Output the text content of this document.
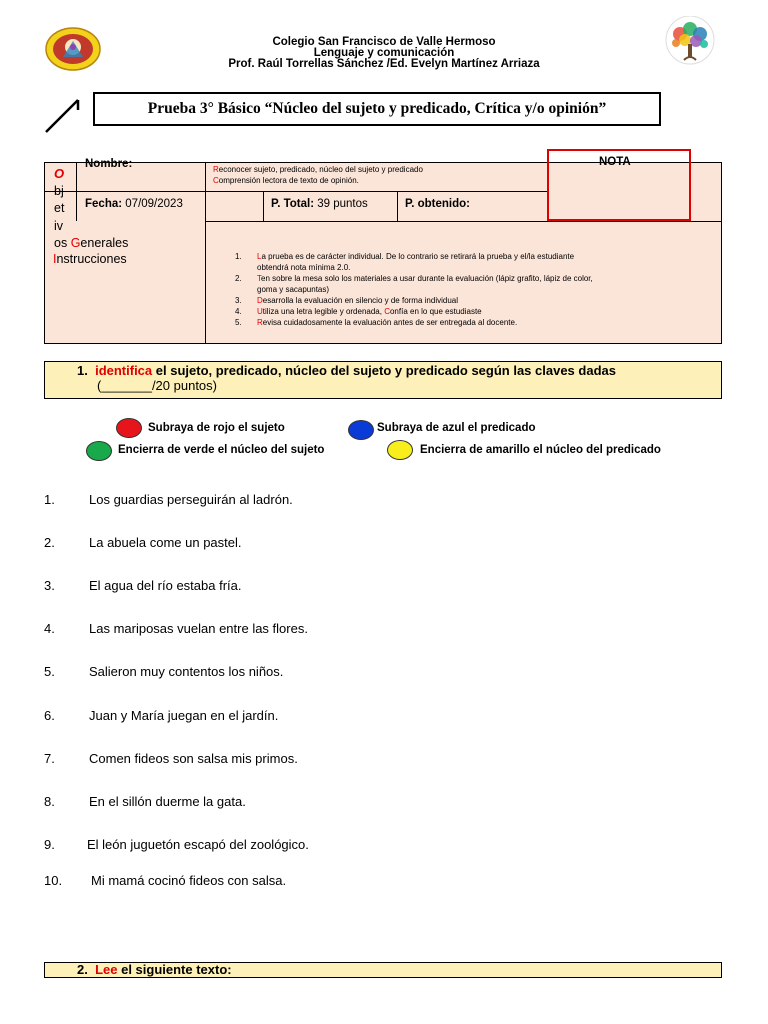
Colegio San Francisco de Valle Hermoso
Lenguaje y comunicación
Prof. Raúl Torrellas Sánchez /Ed. Evelyn Martínez Arriaza
Prueba 3° Básico “Núcleo del sujeto y predicado, Crítica y/o opinión”
O
bj
et
iv
os Generales
Nombre:	Reconocer sujeto, predicado, núcleo del sujeto y predicado
Comprensión lectora de texto de opinión.
Fecha: 07/09/2023	P. Total: 39 puntos	P. obtenido:
Instrucciones	1.	La prueba es de carácter individual. De lo contrario se retirará la prueba y el/la estudiante
obtendrá nota mínima 2.0.
2.	Ten sobre la mesa solo los materiales a usar durante la evaluación (lápiz grafito, lápiz de color,
goma y sacapuntas)
3.	Desarrolla la evaluación en silencio y de forma individual
4.	Utiliza una letra legible y ordenada, Confía en lo que estudiaste
5.	Revisa cuidadosamente la evaluación antes de ser entregada al docente.
NOTA
1. identifica el sujeto, predicado, núcleo del sujeto y predicado según las claves dadas
(_______/20 puntos)
Subraya de rojo el sujeto	Subraya de azul el predicado
Encierra de verde el núcleo del sujeto	Encierra de amarillo el núcleo del predicado
1.	Los guardias perseguirán al ladrón.
2.	La abuela come un pastel.
3.	El agua del río estaba fría.
4.	Las mariposas vuelan entre las flores.
5.	Salieron muy contentos los niños.
6.	Juan y María juegan en el jardín.
7.	Comen fideos son salsa mis primos.
8.	En el sillón duerme la gata.
9. El león juguetón escapó del zoológico.
10. Mi mamá cocinó fideos con salsa.
2. Lee el siguiente texto:
